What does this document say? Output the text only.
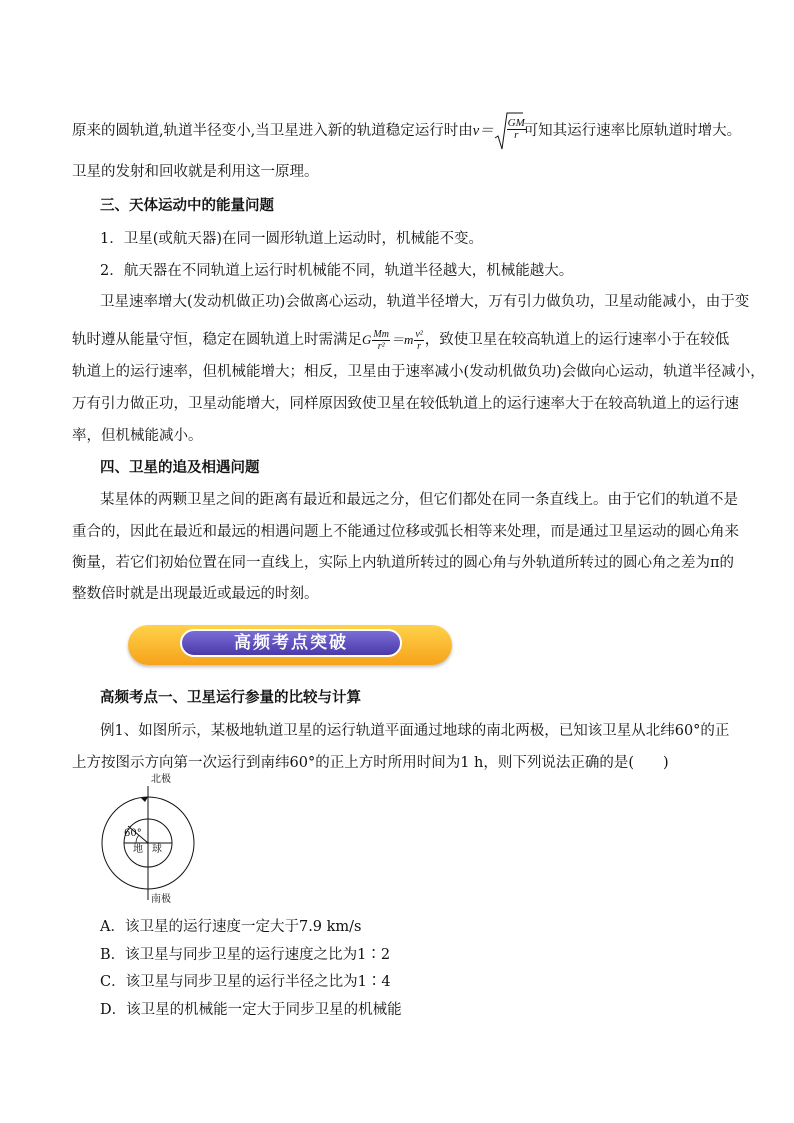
原来的圆轨道,轨道半径变小,当卫星进入新的轨道稳定运行时由$v= \frac{GM}{r}$
可知其运行速率比原轨道时增大。
卫星的发射和回收就是利用这一原理。
三、天体运动中的能量问题
1．卫星(或航天器)在同一圆形轨道上运动时，机械能不变。
2．航天器在不同轨道上运行时机械能不同，轨道半径越大，机械能越大。
卫星速率增大(发动机做正功)会做离心运动，轨道半径增大，万有引力做负功，卫星动能减小，由于变
轨时遵从能量守恒，稳定在圆轨道上时需满足G $\frac{Mm}{\text{r²}} =m \frac{\text{v²}}{r}$ ，致使卫星在较高轨道上的运行速率小于在较低
轨道上的运行速率，但机械能增大；相反，卫星由于速率减小(发动机做负功)会做向心运动，轨道半径减小，
万有引力做正功，卫星动能增大，同样原因致使卫星在较低轨道上的运行速率大于在较高轨道上的运行速
率，但机械能减小。
四、卫星的追及相遇问题
某星体的两颗卫星之间的距离有最近和最远之分，但它们都处在同一条直线上。由于它们的轨道不是
重合的，因此在最近和最远的相遇问题上不能通过位移或弧长相等来处理，而是通过卫星运动的圆心角来
衡量，若它们初始位置在同一直线上，实际上内轨道所转过的圆心角与外轨道所转过的圆心角之差为π的
整数倍时就是出现最近或最远的时刻。
高频考点突破
高频考点一、卫星运行参量的比较与计算
例1、如图所示，某极地轨道卫星的运行轨道平面通过地球的南北两极，已知该卫星从北纬60°的正
上方按图示方向第一次运行到南纬60°的正上方时所用时间为1 h，则下列说法正确的是(　　)
北极
南极
60°
地 球
A．该卫星的运行速度一定大于7.9 km/s
B．该卫星与同步卫星的运行速度之比为1∶2
C．该卫星与同步卫星的运行半径之比为1∶4
D．该卫星的机械能一定大于同步卫星的机械能
